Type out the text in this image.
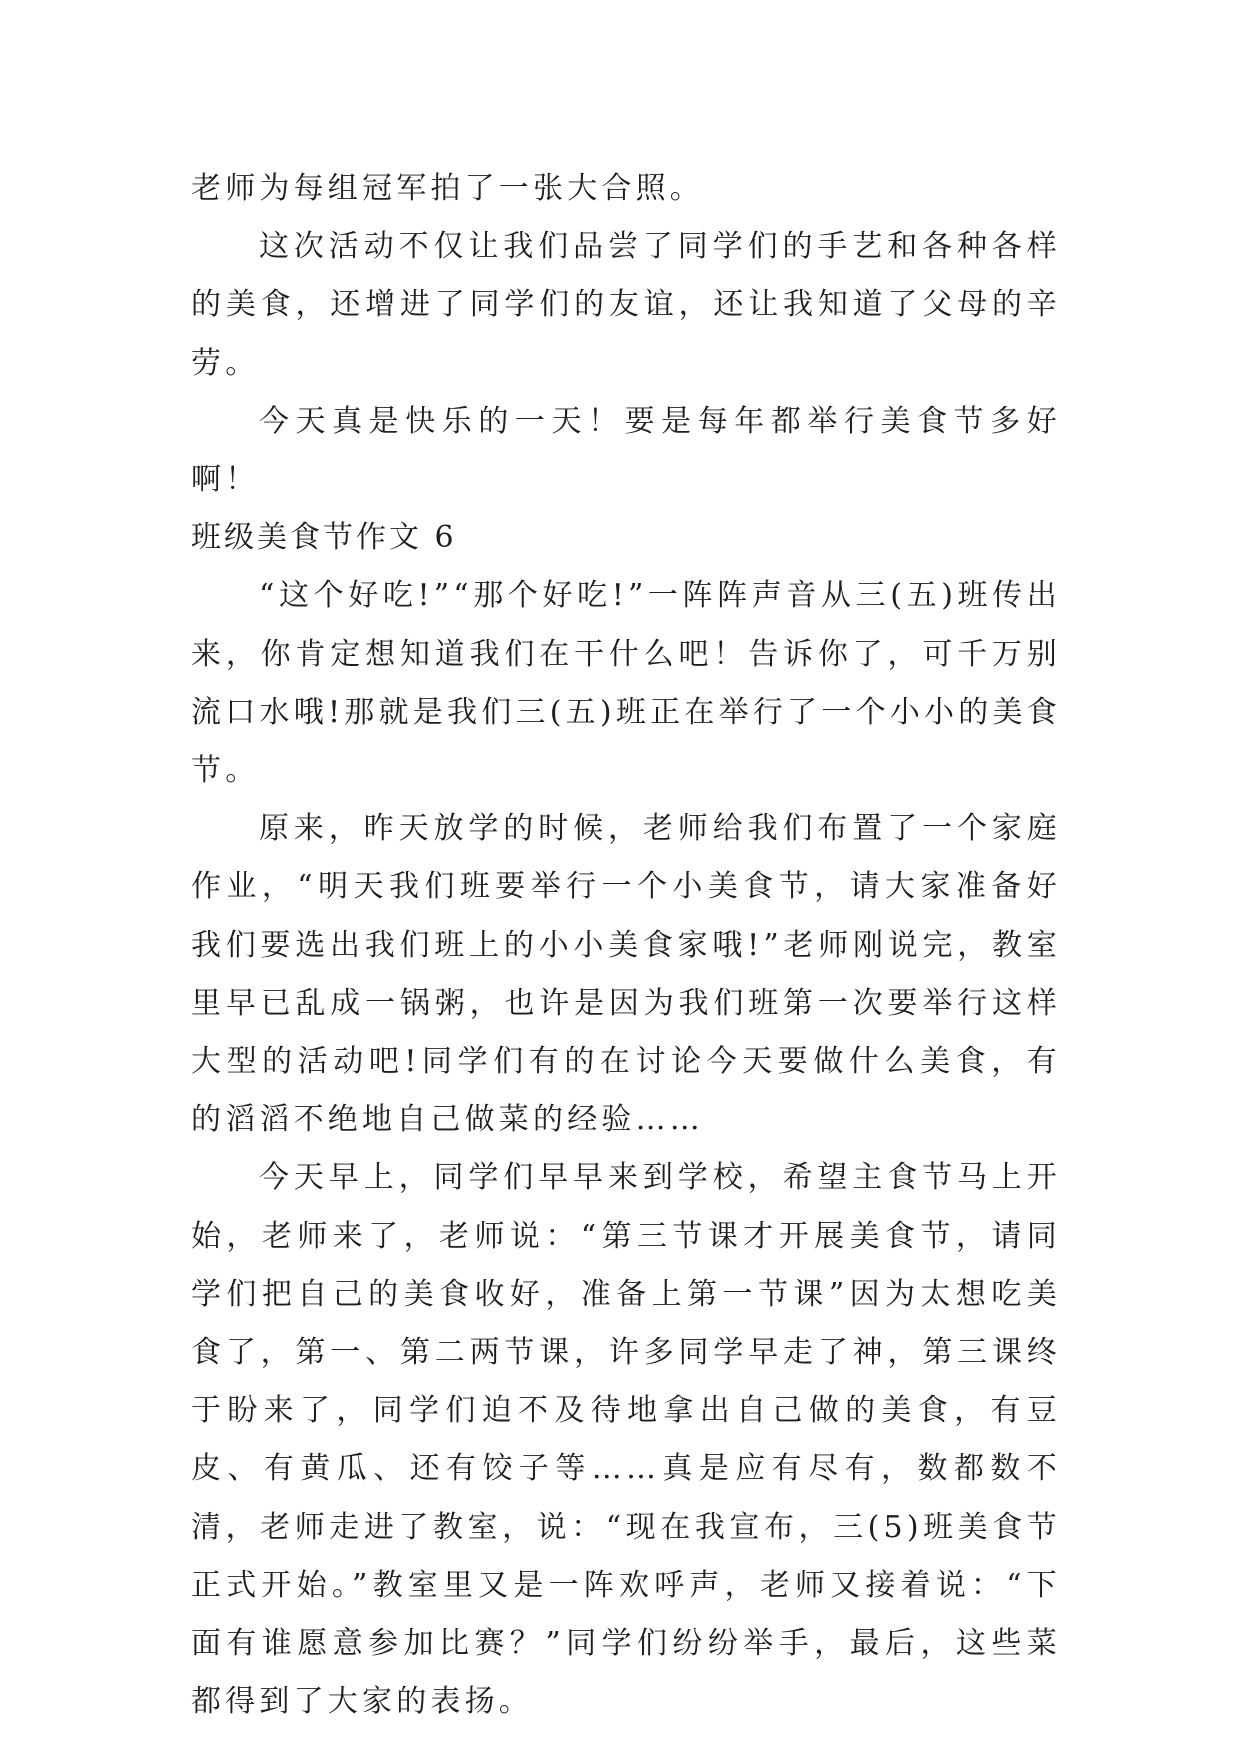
老师为每组冠军拍了一张大合照。

这次活动不仅让我们品尝了同学们的手艺和各种各样的美食，还增进了同学们的友谊，还让我知道了父母的辛劳。

今天真是快乐的一天！要是每年都举行美食节多好啊！

班级美食节作文 6

“这个好吃!”“那个好吃!”一阵阵声音从三(五)班传出来，你肯定想知道我们在干什么吧！告诉你了，可千万别流口水哦!那就是我们三(五)班正在举行了一个小小的美食节。

原来，昨天放学的时候，老师给我们布置了一个家庭作业，“明天我们班要举行一个小美食节，请大家准备好我们要选出我们班上的小小美食家哦!”老师刚说完，教室里早已乱成一锅粥，也许是因为我们班第一次要举行这样大型的活动吧!同学们有的在讨论今天要做什么美食，有的滔滔不绝地自己做菜的经验……

今天早上，同学们早早来到学校，希望主食节马上开始，老师来了，老师说：“第三节课才开展美食节，请同学们把自己的美食收好，准备上第一节课”因为太想吃美食了，第一、第二两节课，许多同学早走了神，第三课终于盼来了，同学们迫不及待地拿出自己做的美食，有豆皮、有黄瓜、还有饺子等……真是应有尽有，数都数不清，老师走进了教室，说：“现在我宣布，三(5)班美食节正式开始。”教室里又是一阵欢呼声，老师又接着说：“下面有谁愿意参加比赛？”同学们纷纷举手，最后，这些菜都得到了大家的表扬。
